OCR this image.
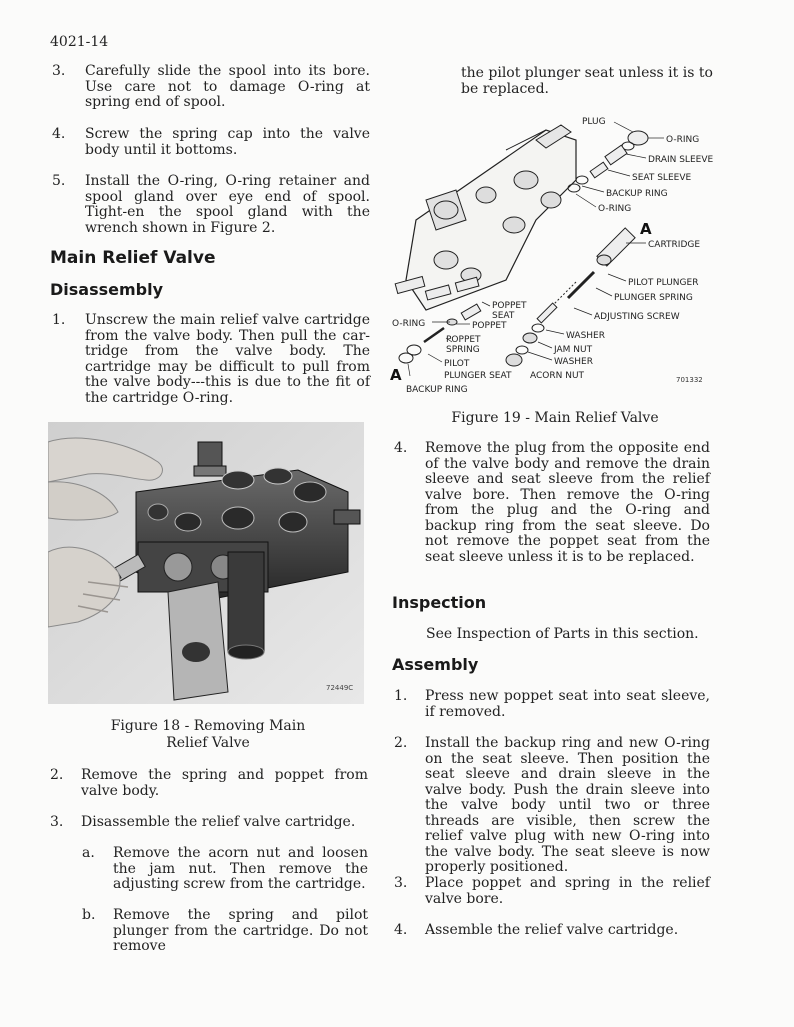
4021-14
3. Carefully slide the spool into its bore. Use care not to damage O-ring at spring end of spool.
4. Screw the spring cap into the valve body until it bottoms.
5. Install the O-ring, O-ring retainer and spool gland over eye end of spool. Tight-en the spool gland with the wrench shown in Figure 2.
Main Relief Valve
Disassembly
1. Unscrew the main relief valve cartridge from the valve body. Then pull the car-tridge from the valve body. The cartridge may be difficult to pull from the valve body---this is due to the fit of the cartridge O-ring.
72449C
Figure 18 - Removing Main
Relief Valve
2. Remove the spring and poppet from valve body.
3. Disassemble the relief valve cartridge.
a. Remove the acorn nut and loosen the jam nut. Then remove the adjusting screw from the cartridge.
b. Remove the spring and pilot plunger from the cartridge. Do not remove
the pilot plunger seat unless it is to be replaced.
PLUG
O-RING
DRAIN SLEEVE
SEAT SLEEVE
BACKUP RING
O-RING
A
CARTRIDGE
PILOT PLUNGER
PLUNGER SPRING
ADJUSTING SCREW
POPPET
SEAT
O-RING	POPPET
POPPET
SPRING
WASHER
JAM NUT
WASHER
PILOT
PLUNGER SEAT ACORN NUT
A
BACKUP RING
701332
Figure 19 - Main Relief Valve
4. Remove the plug from the opposite end of the valve body and remove the drain sleeve and seat sleeve from the relief valve bore. Then remove the O-ring from the plug and the O-ring and backup ring from the seat sleeve. Do not remove the poppet seat from the seat sleeve unless it is to be replaced.
Inspection
See Inspection of Parts in this section.
Assembly
1. Press new poppet seat into seat sleeve, if removed.
2. Install the backup ring and new O-ring on the seat sleeve. Then position the seat sleeve and drain sleeve in the valve body. Push the drain sleeve into the valve body until two or three threads are visible, then screw the relief valve plug with new O-ring into the valve body. The seat sleeve is now properly positioned.
3. Place poppet and spring in the relief valve bore.
4. Assemble the relief valve cartridge.
